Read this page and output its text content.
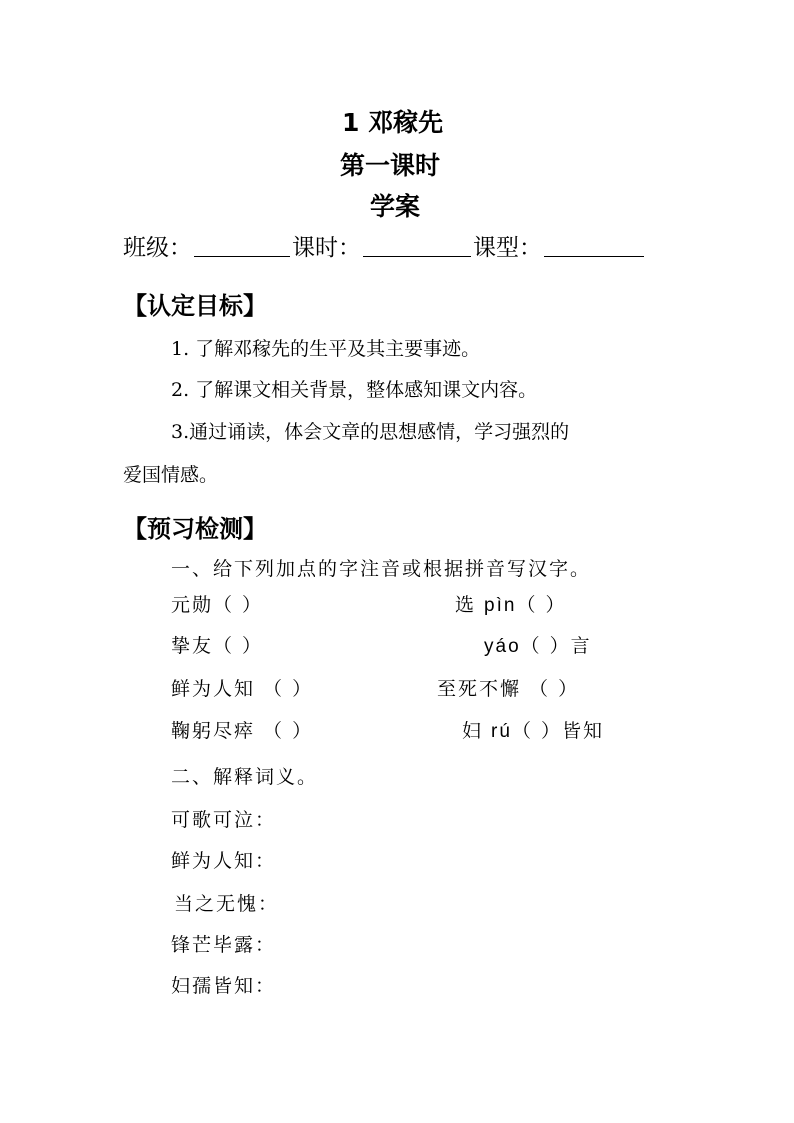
1 邓稼先
第一课时
学案
班级：	课时：	课型：
【认定目标】
1. 了解邓稼先的生平及其主要事迹。
2. 了解课文相关背景，整体感知课文内容。
3.通过诵读，体会文章的思想感情，学习强烈的
爱国情感。
【预习检测】
一、给下列加点的字注音或根据拼音写汉字。
元勋（ ）	选 pìn（ ）
挚友（ ）	yáo（ ）言
鲜为人知 （ ）	至死不懈 （ ）
鞠躬尽瘁 （ ）	妇 rú（ ）皆知
二、解释词义。
可歌可泣：
鲜为人知：
当之无愧：
锋芒毕露：
妇孺皆知：
